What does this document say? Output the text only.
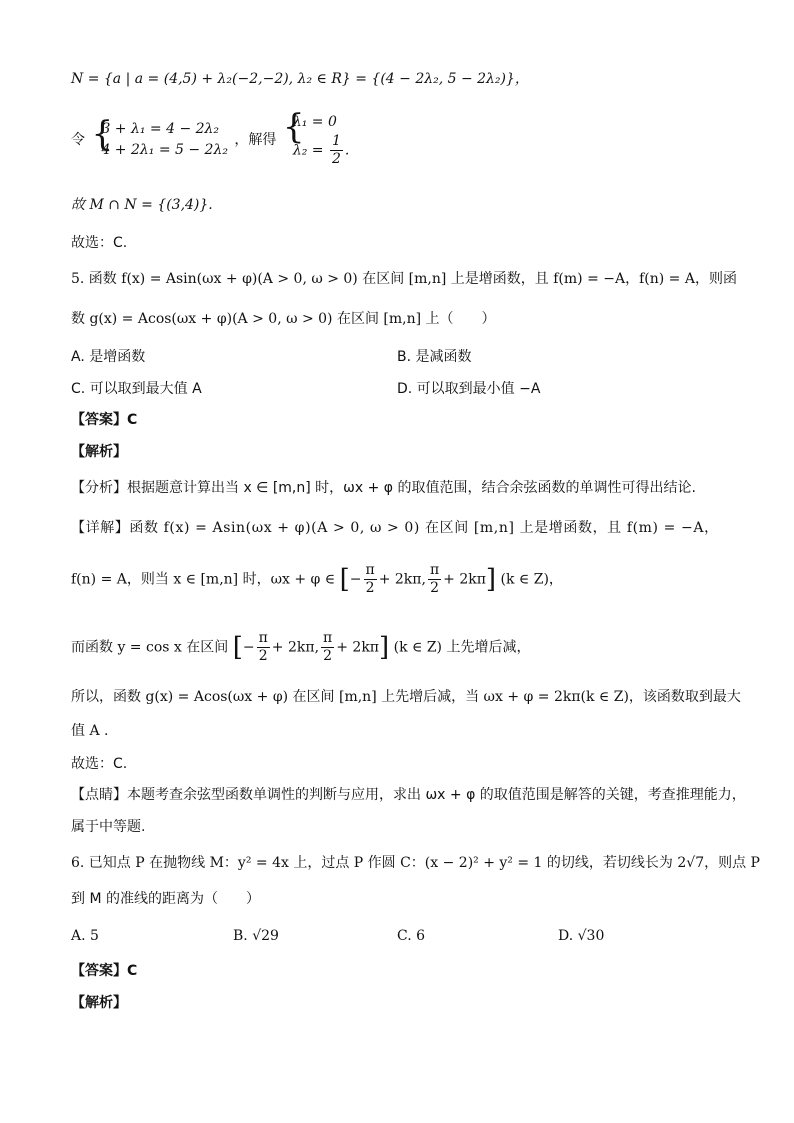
N = {a | a = (4,5) + λ₂(−2,−2), λ₂ ∈ R} = {(4 − 2λ₂, 5 − 2λ₂)}，
令 {
3 + λ₁ = 4 − 2λ₂
4 + 2λ₁ = 5 − 2λ₂
，解得 {
λ₁ = 0
$\lambda_2 = \frac{1}{2}$ .
故 M ∩ N = {(3,4)}.
故选：C.
5. 函数 f(x) = Asin(ωx + φ)(A > 0, ω > 0) 在区间 [m,n] 上是增函数，且 f(m) = −A，f(n) = A，则函
数 g(x) = Acos(ωx + φ)(A > 0, ω > 0) 在区间 [m,n] 上（　　）
A. 是增函数	B. 是减函数
C. 可以取到最大值 A	D. 可以取到最小值 −A
【答案】C
【解析】
【分析】根据题意计算出当 x ∈ [m,n] 时，ωx + φ 的取值范围，结合余弦函数的单调性可得出结论.
【详解】函数 f(x) = Asin(ωx + φ)(A > 0, ω > 0) 在区间 [m,n] 上是增函数，且 f(m) = −A，
f(n) = A，则当 x ∈ [m,n] 时，ωx + φ ∈ [− $\frac{\pi}{2} + 2k\pi$, $\frac{\pi}{2} + 2k\pi$] (k ∈ Z)，
而函数 y = cos x 在区间 [− $\frac{\pi}{2} + 2k\pi$, $\frac{\pi}{2} + 2k\pi$] (k ∈ Z) 上先增后减，
所以，函数 g(x) = Acos(ωx + φ) 在区间 [m,n] 上先增后减，当 ωx + φ = 2kπ(k ∈ Z)，该函数取到最大
值 A .
故选：C.
【点睛】本题考查余弦型函数单调性的判断与应用，求出 ωx + φ 的取值范围是解答的关键，考查推理能力，
属于中等题.
6. 已知点 P 在抛物线 M：y² = 4x 上，过点 P 作圆 C：(x − 2)² + y² = 1 的切线，若切线长为 2√7，则点 P
到 M 的准线的距离为（　　）
A. 5	B. √29	C. 6	D. √30
【答案】C
【解析】
